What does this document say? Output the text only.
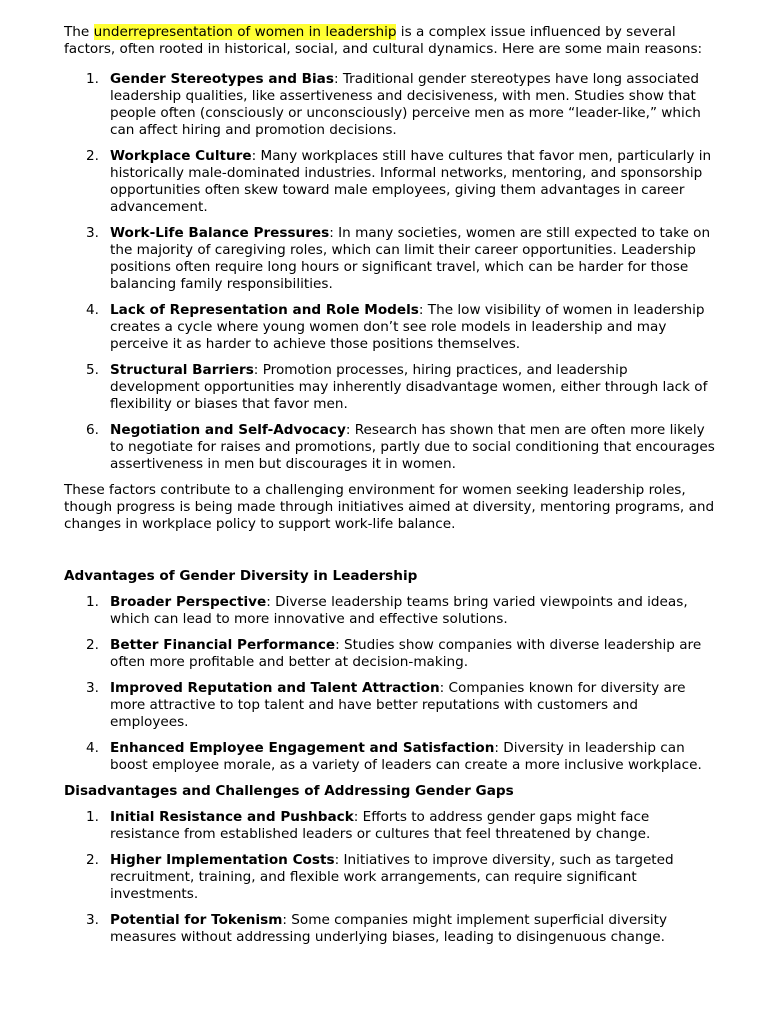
The underrepresentation of women in leadership is a complex issue influenced by several factors, often rooted in historical, social, and cultural dynamics. Here are some main reasons:

1. Gender Stereotypes and Bias: Traditional gender stereotypes have long associated leadership qualities, like assertiveness and decisiveness, with men. Studies show that people often (consciously or unconsciously) perceive men as more “leader-like,” which can affect hiring and promotion decisions.
2. Workplace Culture: Many workplaces still have cultures that favor men, particularly in historically male-dominated industries. Informal networks, mentoring, and sponsorship opportunities often skew toward male employees, giving them advantages in career advancement.
3. Work-Life Balance Pressures: In many societies, women are still expected to take on the majority of caregiving roles, which can limit their career opportunities. Leadership positions often require long hours or significant travel, which can be harder for those balancing family responsibilities.
4. Lack of Representation and Role Models: The low visibility of women in leadership creates a cycle where young women don’t see role models in leadership and may perceive it as harder to achieve those positions themselves.
5. Structural Barriers: Promotion processes, hiring practices, and leadership development opportunities may inherently disadvantage women, either through lack of flexibility or biases that favor men.
6. Negotiation and Self-Advocacy: Research has shown that men are often more likely to negotiate for raises and promotions, partly due to social conditioning that encourages assertiveness in men but discourages it in women.

These factors contribute to a challenging environment for women seeking leadership roles, though progress is being made through initiatives aimed at diversity, mentoring programs, and changes in workplace policy to support work-life balance.

Advantages of Gender Diversity in Leadership

1. Broader Perspective: Diverse leadership teams bring varied viewpoints and ideas, which can lead to more innovative and effective solutions.
2. Better Financial Performance: Studies show companies with diverse leadership are often more profitable and better at decision-making.
3. Improved Reputation and Talent Attraction: Companies known for diversity are more attractive to top talent and have better reputations with customers and employees.
4. Enhanced Employee Engagement and Satisfaction: Diversity in leadership can boost employee morale, as a variety of leaders can create a more inclusive workplace.

Disadvantages and Challenges of Addressing Gender Gaps

1. Initial Resistance and Pushback: Efforts to address gender gaps might face resistance from established leaders or cultures that feel threatened by change.
2. Higher Implementation Costs: Initiatives to improve diversity, such as targeted recruitment, training, and flexible work arrangements, can require significant investments.
3. Potential for Tokenism: Some companies might implement superficial diversity measures without addressing underlying biases, leading to disingenuous change.
